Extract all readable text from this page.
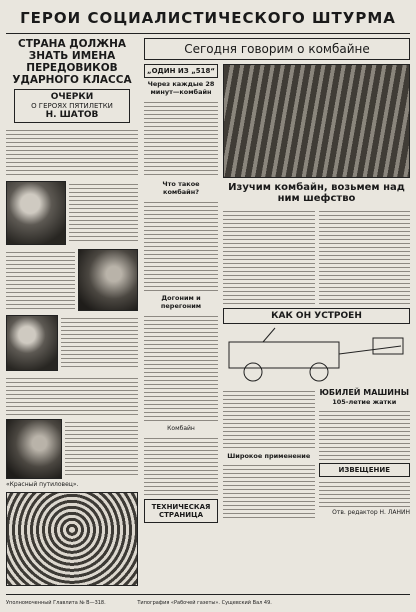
ГЕРОИ СОЦИАЛИСТИЧЕСКОГО ШТУРМА
СТРАНА ДОЛЖНА ЗНАТЬ ИМЕНА ПЕРЕДОВИКОВ УДАРНОГО КЛАССА
ОЧЕРКИ
О ГЕРОЯХ ПЯТИЛЕТКИ
Н. ШАТОВ
«Красный путиловец».
Сегодня говорим о комбайне
„ОДИН ИЗ „518“
Через каждые 28 минут—комбайн
Что такое комбайн?
Догоним и перегоним
Комбайн
ТЕХНИЧЕСКАЯ СТРАНИЦА
Изучим комбайн, возьмем над ним шефство
КАК ОН УСТРОЕН
Широкое применение
ЮБИЛЕЙ МАШИНЫ
105-летие жатки
ИЗВЕЩЕНИЕ
Отв. редактор Н. ЛАНИН
Уполномоченный Главлита № В—318.	Типография «Рабочей газеты». Сущевский Вал 49.
